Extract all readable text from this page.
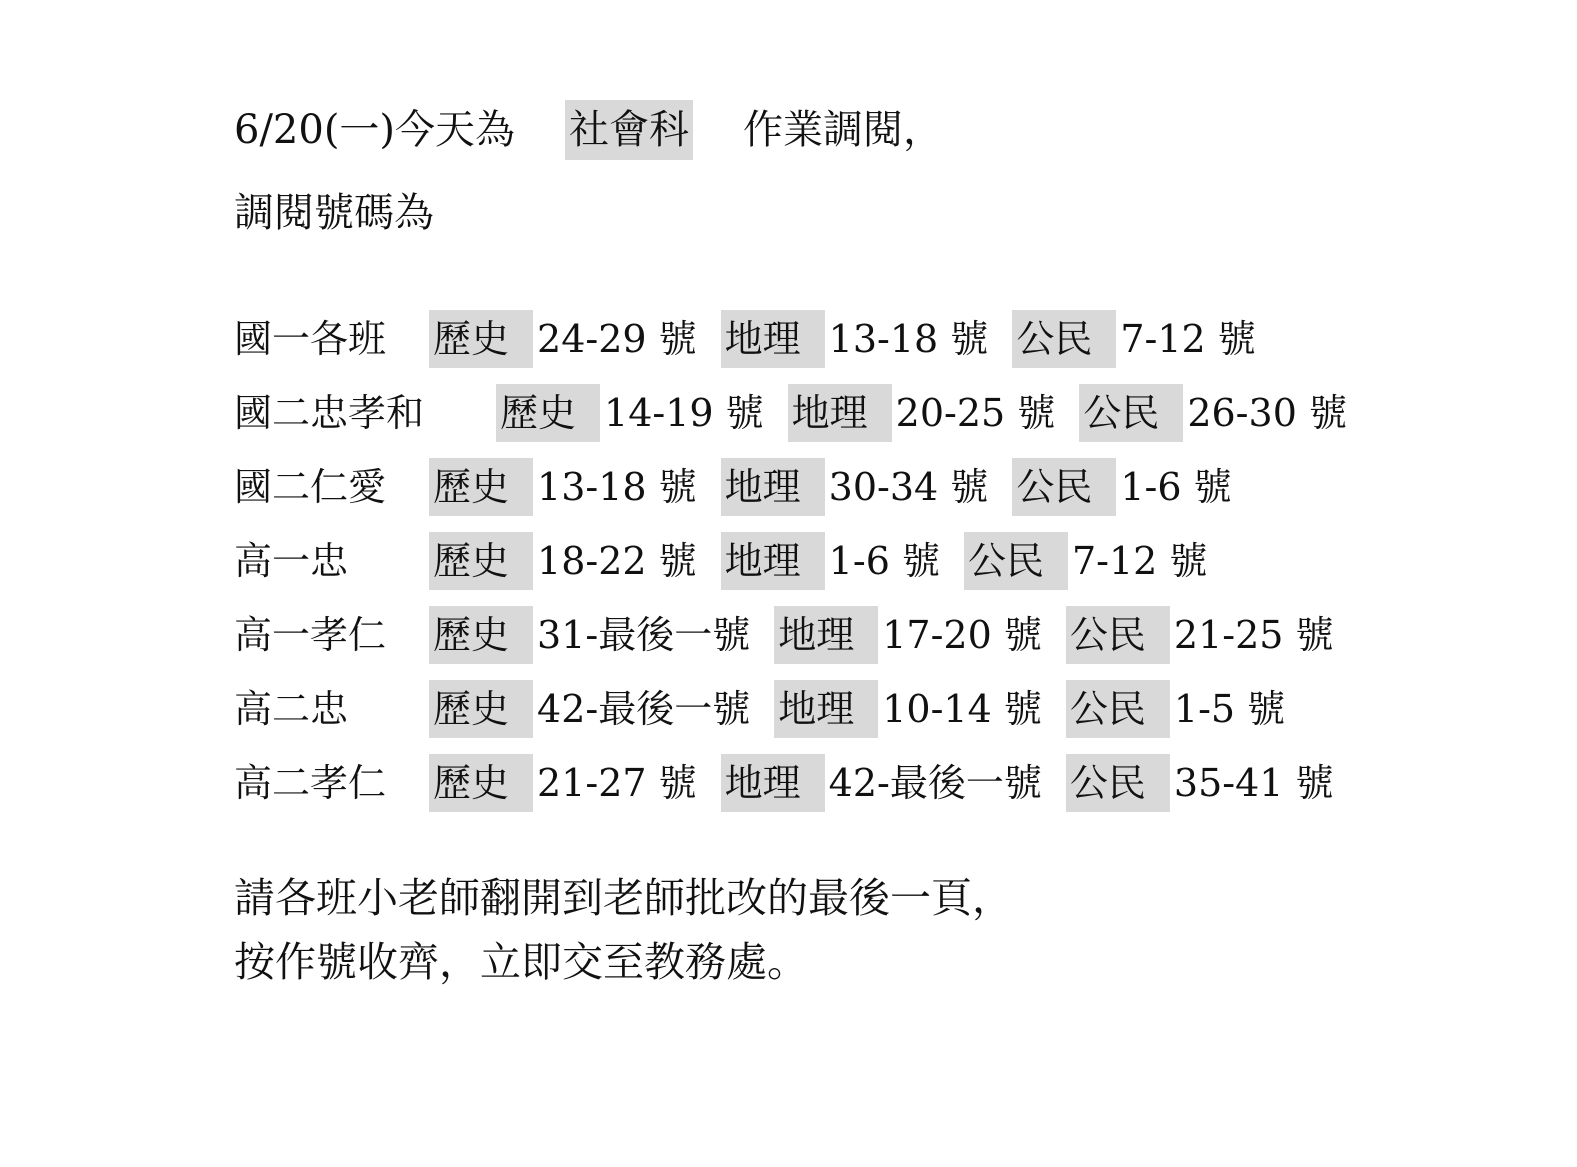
6/20(一)今天為 社會科 作業調閱，
調閱號碼為
國一各班	歷史 24-29 號 地理 13-18 號 公民 7-12 號
國二忠孝和	歷史 14-19 號 地理 20-25 號 公民 26-30 號
國二仁愛	歷史 13-18 號 地理 30-34 號 公民 1-6 號
高一忠	歷史 18-22 號 地理 1-6 號 公民 7-12 號
高一孝仁	歷史 31-最後一號 地理 17-20 號 公民 21-25 號
高二忠	歷史 42-最後一號 地理 10-14 號 公民 1-5 號
高二孝仁	歷史 21-27 號 地理 42-最後一號 公民 35-41 號
請各班小老師翻開到老師批改的最後一頁，
按作號收齊，立即交至教務處。
